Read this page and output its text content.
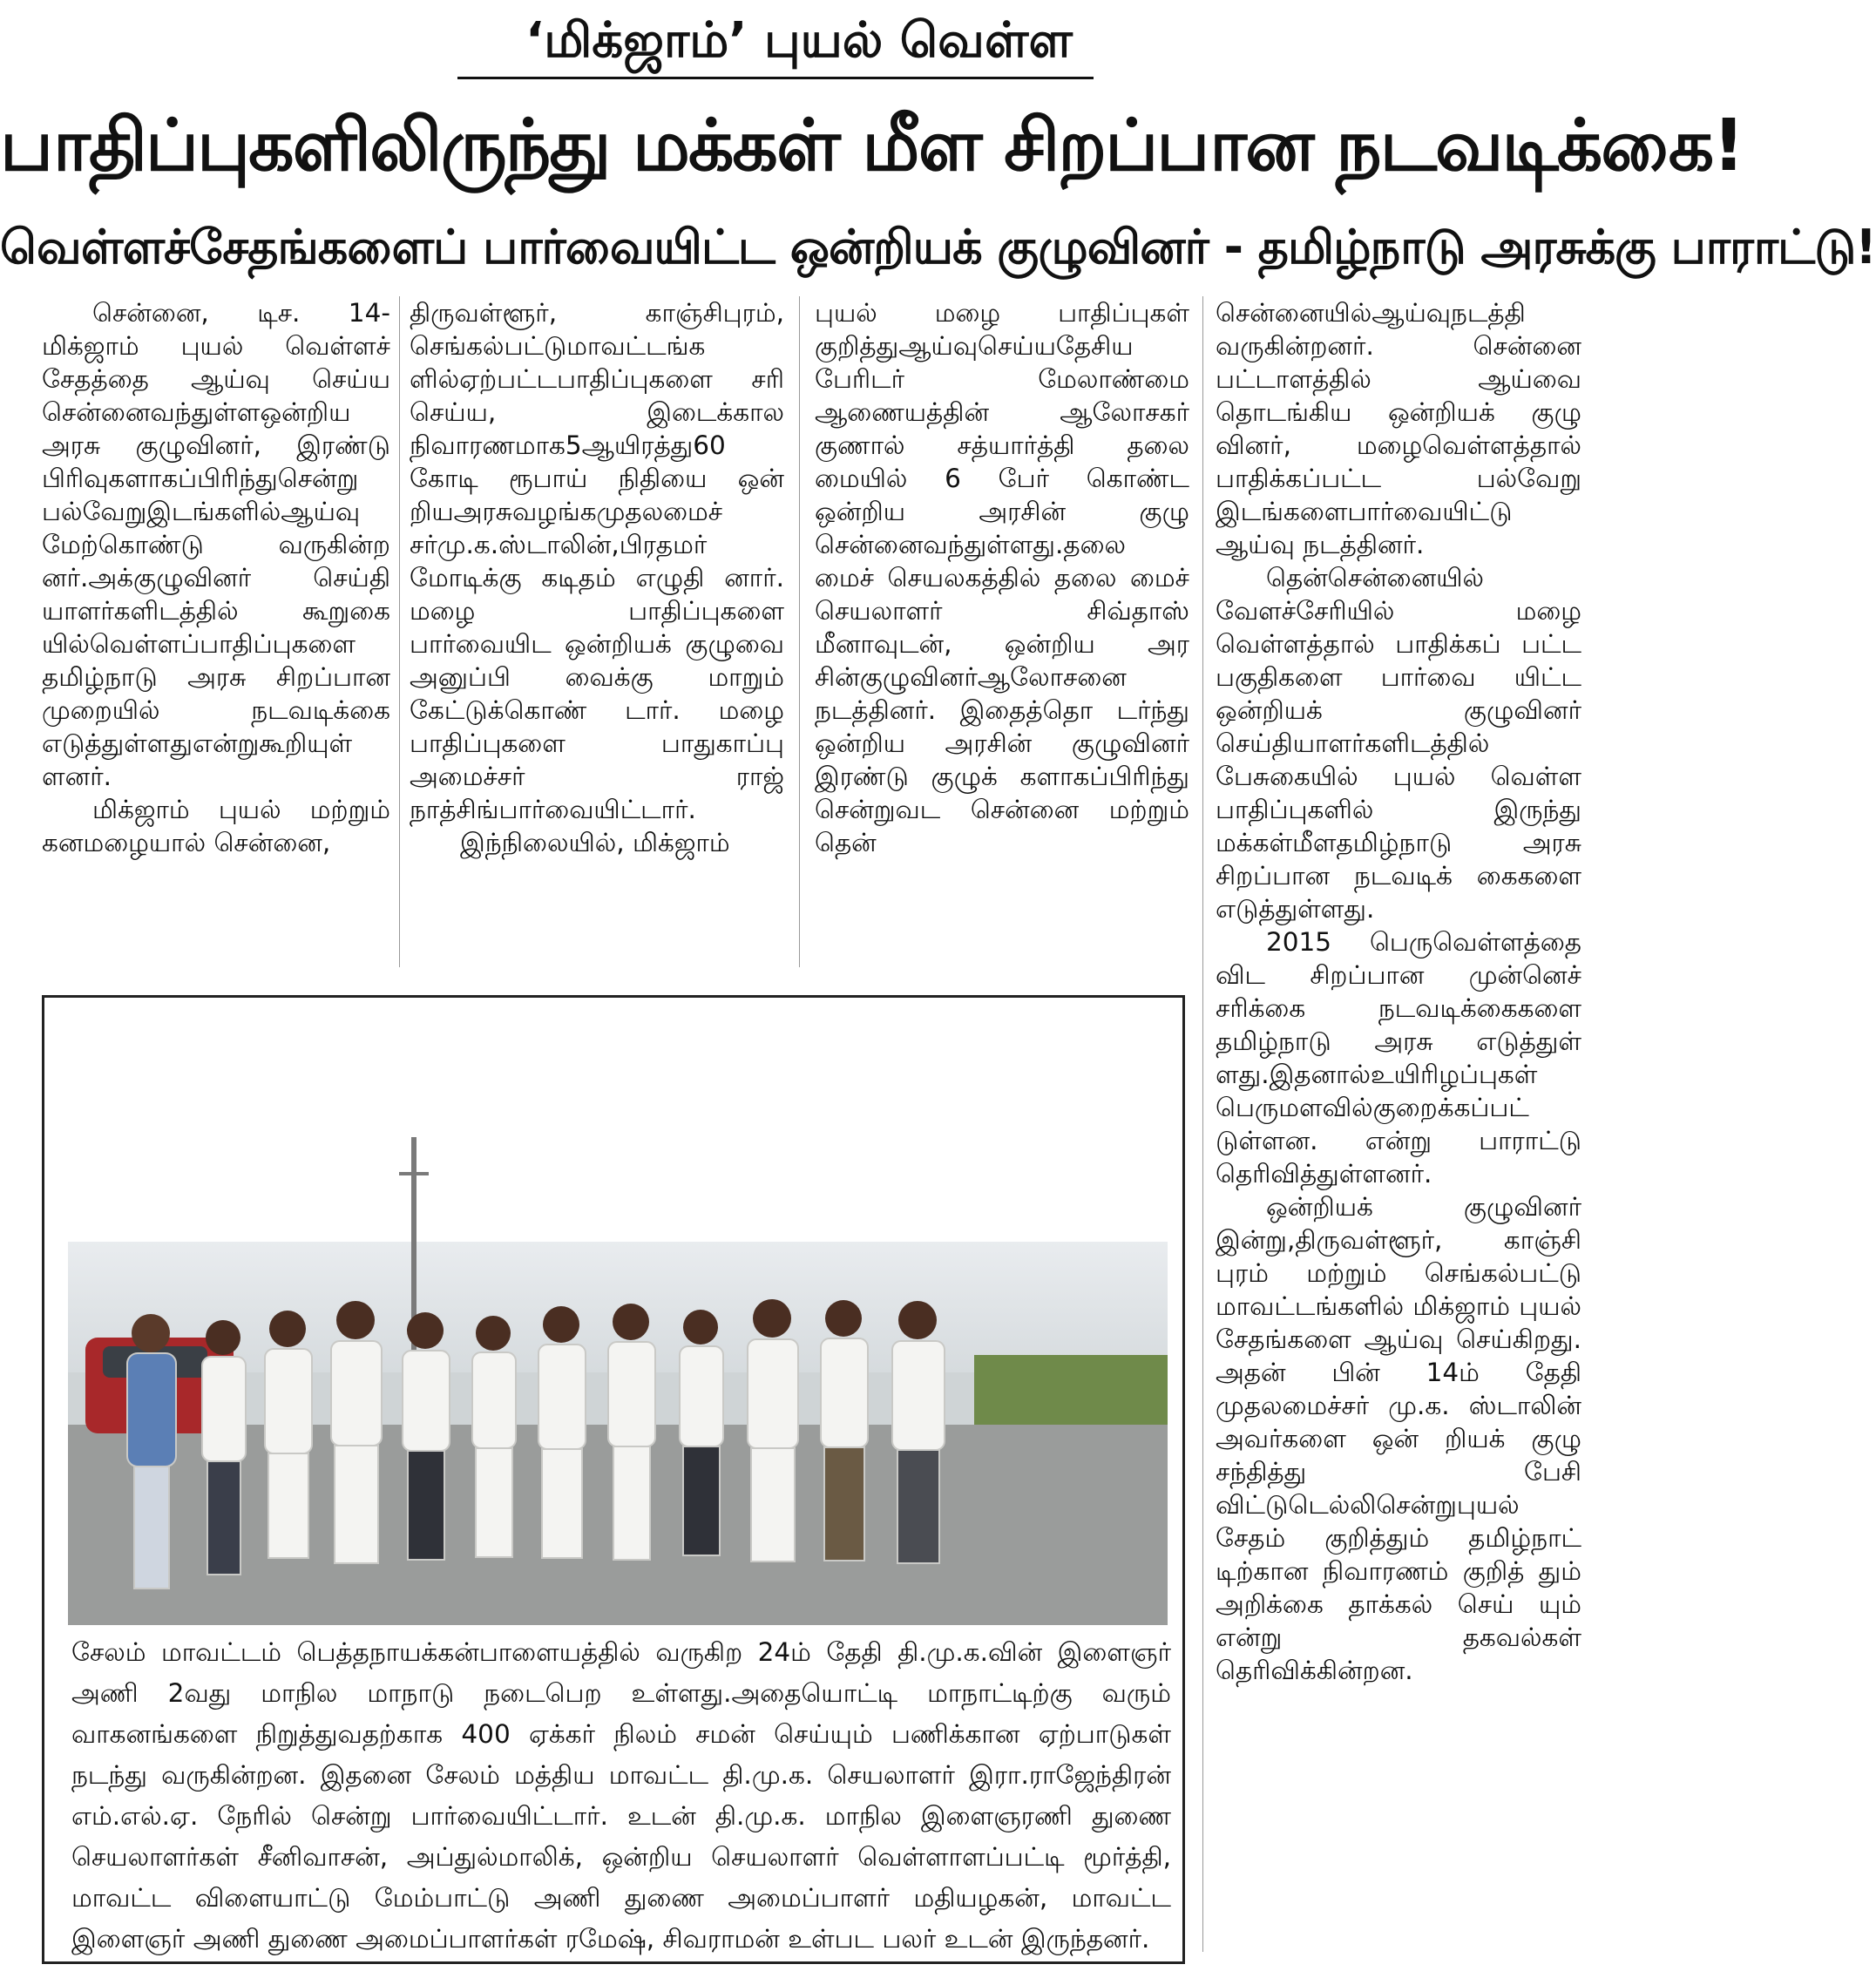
‘மிக்ஜாம்’ புயல் வெள்ள
பாதிப்புகளிலிருந்து மக்கள் மீள சிறப்பான நடவடிக்கை!
வெள்ளச்சேதங்களைப் பார்வையிட்ட ஒன்றியக் குழுவினர் - தமிழ்நாடு அரசுக்கு பாராட்டு!

சென்னை, டிச. 14- மிக்ஜாம் புயல் வெள்ளச் சேதத்தை ஆய்வு செய்ய சென்னைவந்துள்ளஒன்றிய அரசு குழுவினர், இரண்டு பிரிவுகளாகப்பிரிந்துசென்று பல்வேறுஇடங்களில்ஆய்வு மேற்கொண்டு வருகின்ற னர்.அக்குழுவினர் செய்தி யாளர்களிடத்தில் கூறுகை யில்வெள்ளப்பாதிப்புகளை தமிழ்நாடு அரசு சிறப்பான முறையில் நடவடிக்கை எடுத்துள்ளதுஎன்றுகூறியுள் ளனர்.

மிக்ஜாம் புயல் மற்றும் கனமழையால் சென்னை,

திருவள்ளூர், காஞ்சிபுரம், செங்கல்பட்டுமாவட்டங்க ளில்ஏற்பட்டபாதிப்புகளை சரி செய்ய, இடைக்கால நிவாரணமாக5ஆயிரத்து60 கோடி ரூபாய் நிதியை ஒன் றியஅரசுவழங்கமுதலமைச் சர்மு.க.ஸ்டாலின்,பிரதமர் மோடிக்கு கடிதம் எழுதி னார். மழை பாதிப்புகளை பார்வையிட ஒன்றியக் குழுவை அனுப்பி வைக்கு மாறும் கேட்டுக்கொண் டார். மழை பாதிப்புகளை பாதுகாப்பு அமைச்சர் ராஜ் நாத்சிங்பார்வையிட்டார்.

இந்நிலையில், மிக்ஜாம்

புயல் மழை பாதிப்புகள் குறித்துஆய்வுசெய்யதேசிய பேரிடர் மேலாண்மை ஆணையத்தின் ஆலோசகர் குணால் சத்யார்த்தி தலை மையில் 6 பேர் கொண்ட ஒன்றிய அரசின் குழு சென்னைவந்துள்ளது.தலை மைச் செயலகத்தில் தலை மைச் செயலாளர் சிவ்தாஸ் மீனாவுடன், ஒன்றிய அர சின்குழுவினர்ஆலோசனை நடத்தினர். இதைத்தொ டர்ந்து ஒன்றிய அரசின் குழுவினர் இரண்டு குழுக் களாகப்பிரிந்து சென்றுவட சென்னை மற்றும் தென்

சென்னையில்ஆய்வுநடத்தி வருகின்றனர். சென்னை பட்டாளத்தில் ஆய்வை தொடங்கிய ஒன்றியக் குழு வினர், மழைவெள்ளத்தால் பாதிக்கப்பட்ட பல்வேறு இடங்களைபார்வையிட்டு ஆய்வு நடத்தினர்.

தென்சென்னையில் வேளச்சேரியில் மழை வெள்ளத்தால் பாதிக்கப் பட்ட பகுதிகளை பார்வை யிட்ட ஒன்றியக் குழுவினர் செய்தியாளர்களிடத்தில் பேசுகையில் புயல் வெள்ள பாதிப்புகளில் இருந்து மக்கள்மீளதமிழ்நாடு அரசு சிறப்பான நடவடிக் கைகளை எடுத்துள்ளது.

2015 பெருவெள்ளத்தை விட சிறப்பான முன்னெச் சரிக்கை நடவடிக்கைகளை தமிழ்நாடு அரசு எடுத்துள் ளது.இதனால்உயிரிழப்புகள் பெருமளவில்குறைக்கப்பட் டுள்ளன. என்று பாராட்டு தெரிவித்துள்ளனர்.

ஒன்றியக் குழுவினர் இன்று,திருவள்ளூர், காஞ்சி புரம் மற்றும் செங்கல்பட்டு மாவட்டங்களில் மிக்ஜாம் புயல் சேதங்களை ஆய்வு செய்கிறது. அதன் பின் 14ம் தேதி முதலமைச்சர் மு.க. ஸ்டாலின் அவர்களை ஒன் றியக் குழு சந்தித்து பேசி விட்டுடெல்லிசென்றுபுயல் சேதம் குறித்தும் தமிழ்நாட் டிற்கான நிவாரணம் குறித் தும் அறிக்கை தாக்கல் செய் யும் என்று தகவல்கள் தெரிவிக்கின்றன.

சேலம் மாவட்டம் பெத்தநாயக்கன்பாளையத்தில் வருகிற 24ம் தேதி தி.மு.க.வின் இளைஞர் அணி 2வது மாநில மாநாடு நடைபெற உள்ளது.அதையொட்டி மாநாட்டிற்கு வரும் வாகனங்களை நிறுத்துவதற்காக 400 ஏக்கர் நிலம் சமன் செய்யும் பணிக்கான ஏற்பாடுகள் நடந்து வருகின்றன. இதனை சேலம் மத்திய மாவட்ட தி.மு.க. செயலாளர் இரா.ராஜேந்திரன் எம்.எல்.ஏ. நேரில் சென்று பார்வையிட்டார். உடன் தி.மு.க. மாநில இளைஞரணி துணை செயலாளர்கள் சீனிவாசன், அப்துல்மாலிக், ஒன்றிய செயலாளர் வெள்ளாளப்பட்டி மூர்த்தி, மாவட்ட விளையாட்டு மேம்பாட்டு அணி துணை அமைப்பாளர் மதியழகன், மாவட்ட இளைஞர் அணி துணை அமைப்பாளர்கள் ரமேஷ், சிவராமன் உள்பட பலர் உடன் இருந்தனர்.
